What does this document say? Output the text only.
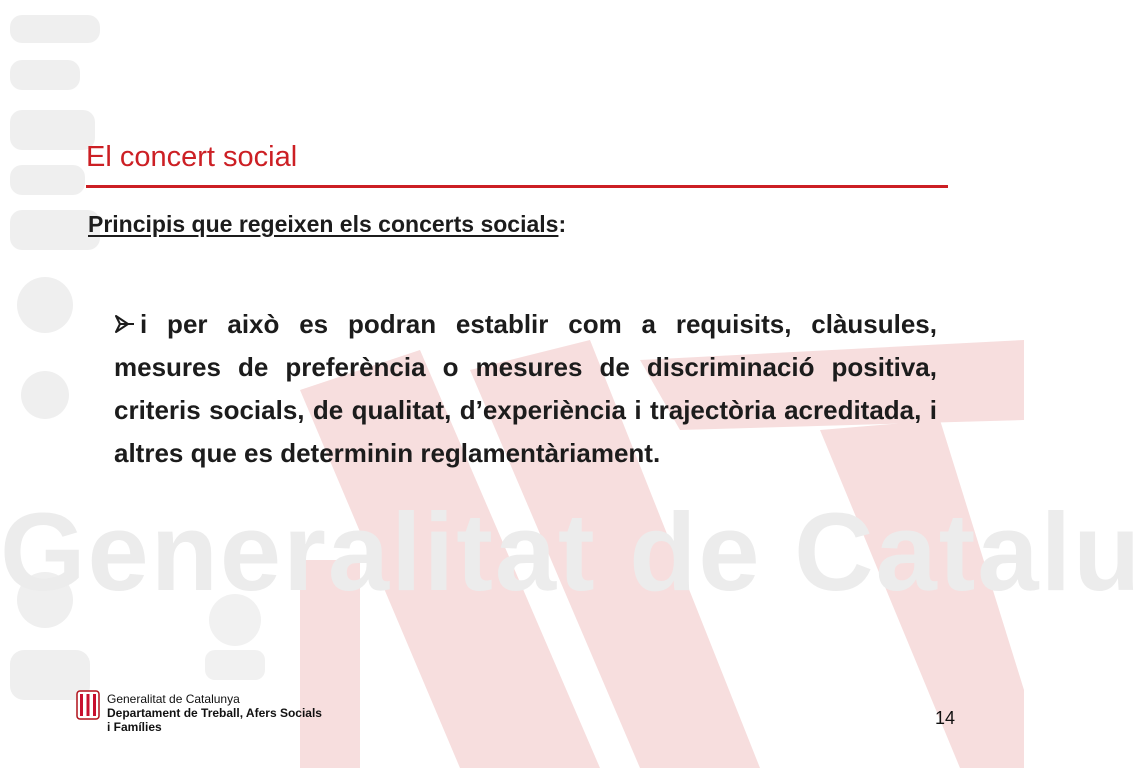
Generalitat de Catalu
El concert social
Principis que regeixen els concerts socials:
i per això es podran establir com a requisits, clàusules, mesures de preferència o mesures de discriminació positiva, criteris socials, de qualitat, d’experiència i trajectòria acreditada, i  altres que es determinin reglamentàriament.
Generalitat de Catalunya
Departament de Treball, Afers Socials
i Famílies	14
